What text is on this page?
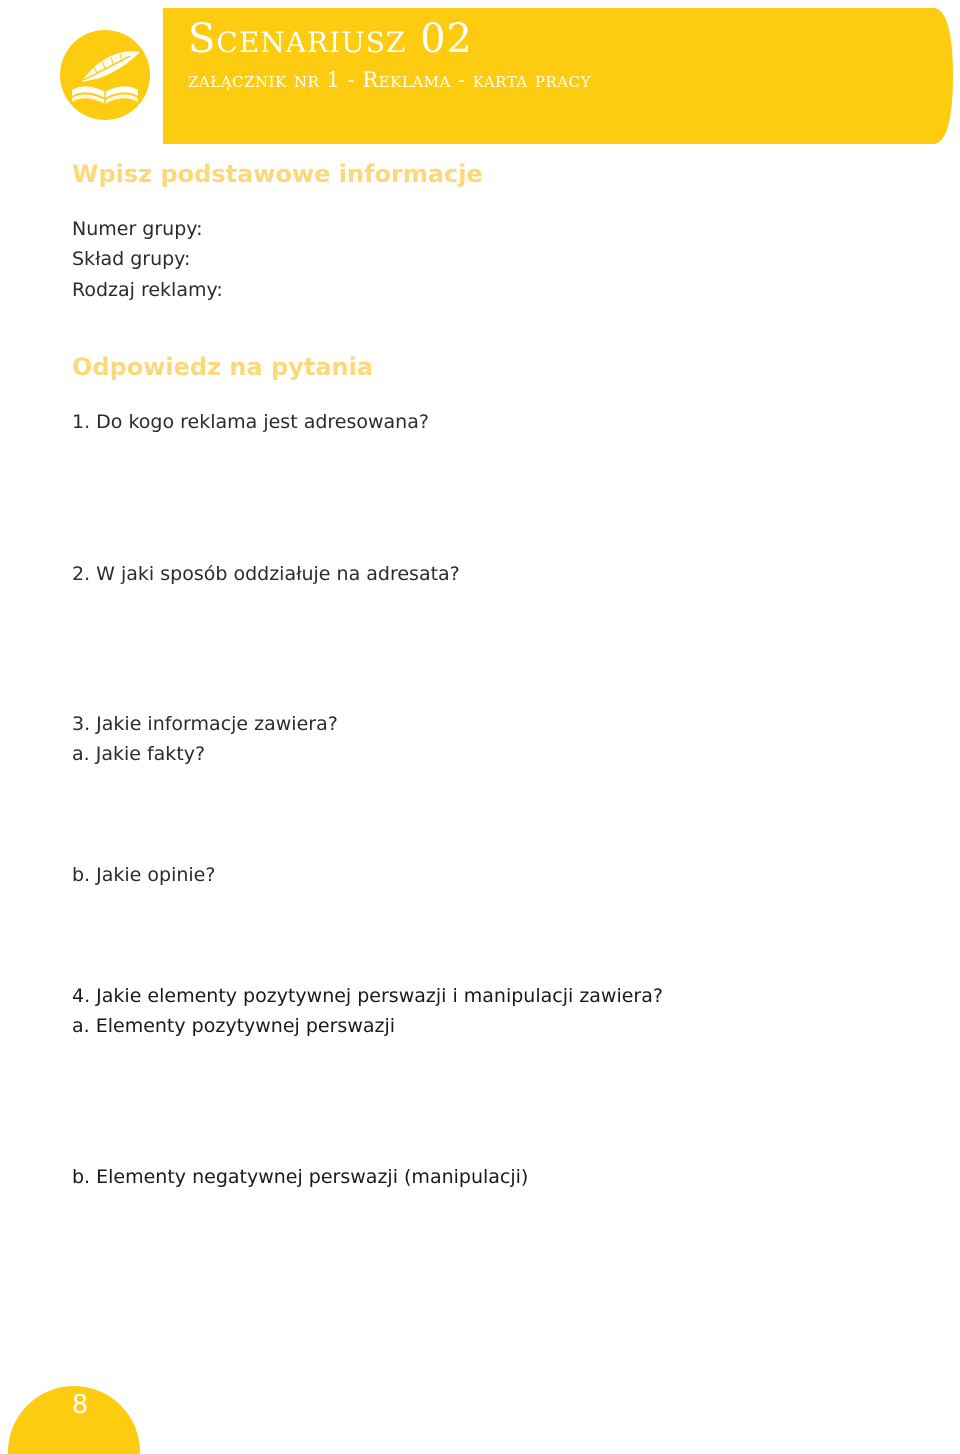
Scenariusz 02
załącznik nr 1 - Reklama - karta pracy
Wpisz podstawowe informacje
Numer grupy:
Skład grupy:
Rodzaj reklamy:
Odpowiedz na pytania
1. Do kogo reklama jest adresowana?
2. W jaki sposób oddziałuje na adresata?
3. Jakie informacje zawiera?
a. Jakie fakty?
b. Jakie opinie?
4. Jakie elementy pozytywnej perswazji i manipulacji zawiera?
a. Elementy pozytywnej perswazji
b. Elementy negatywnej perswazji (manipulacji)
8
